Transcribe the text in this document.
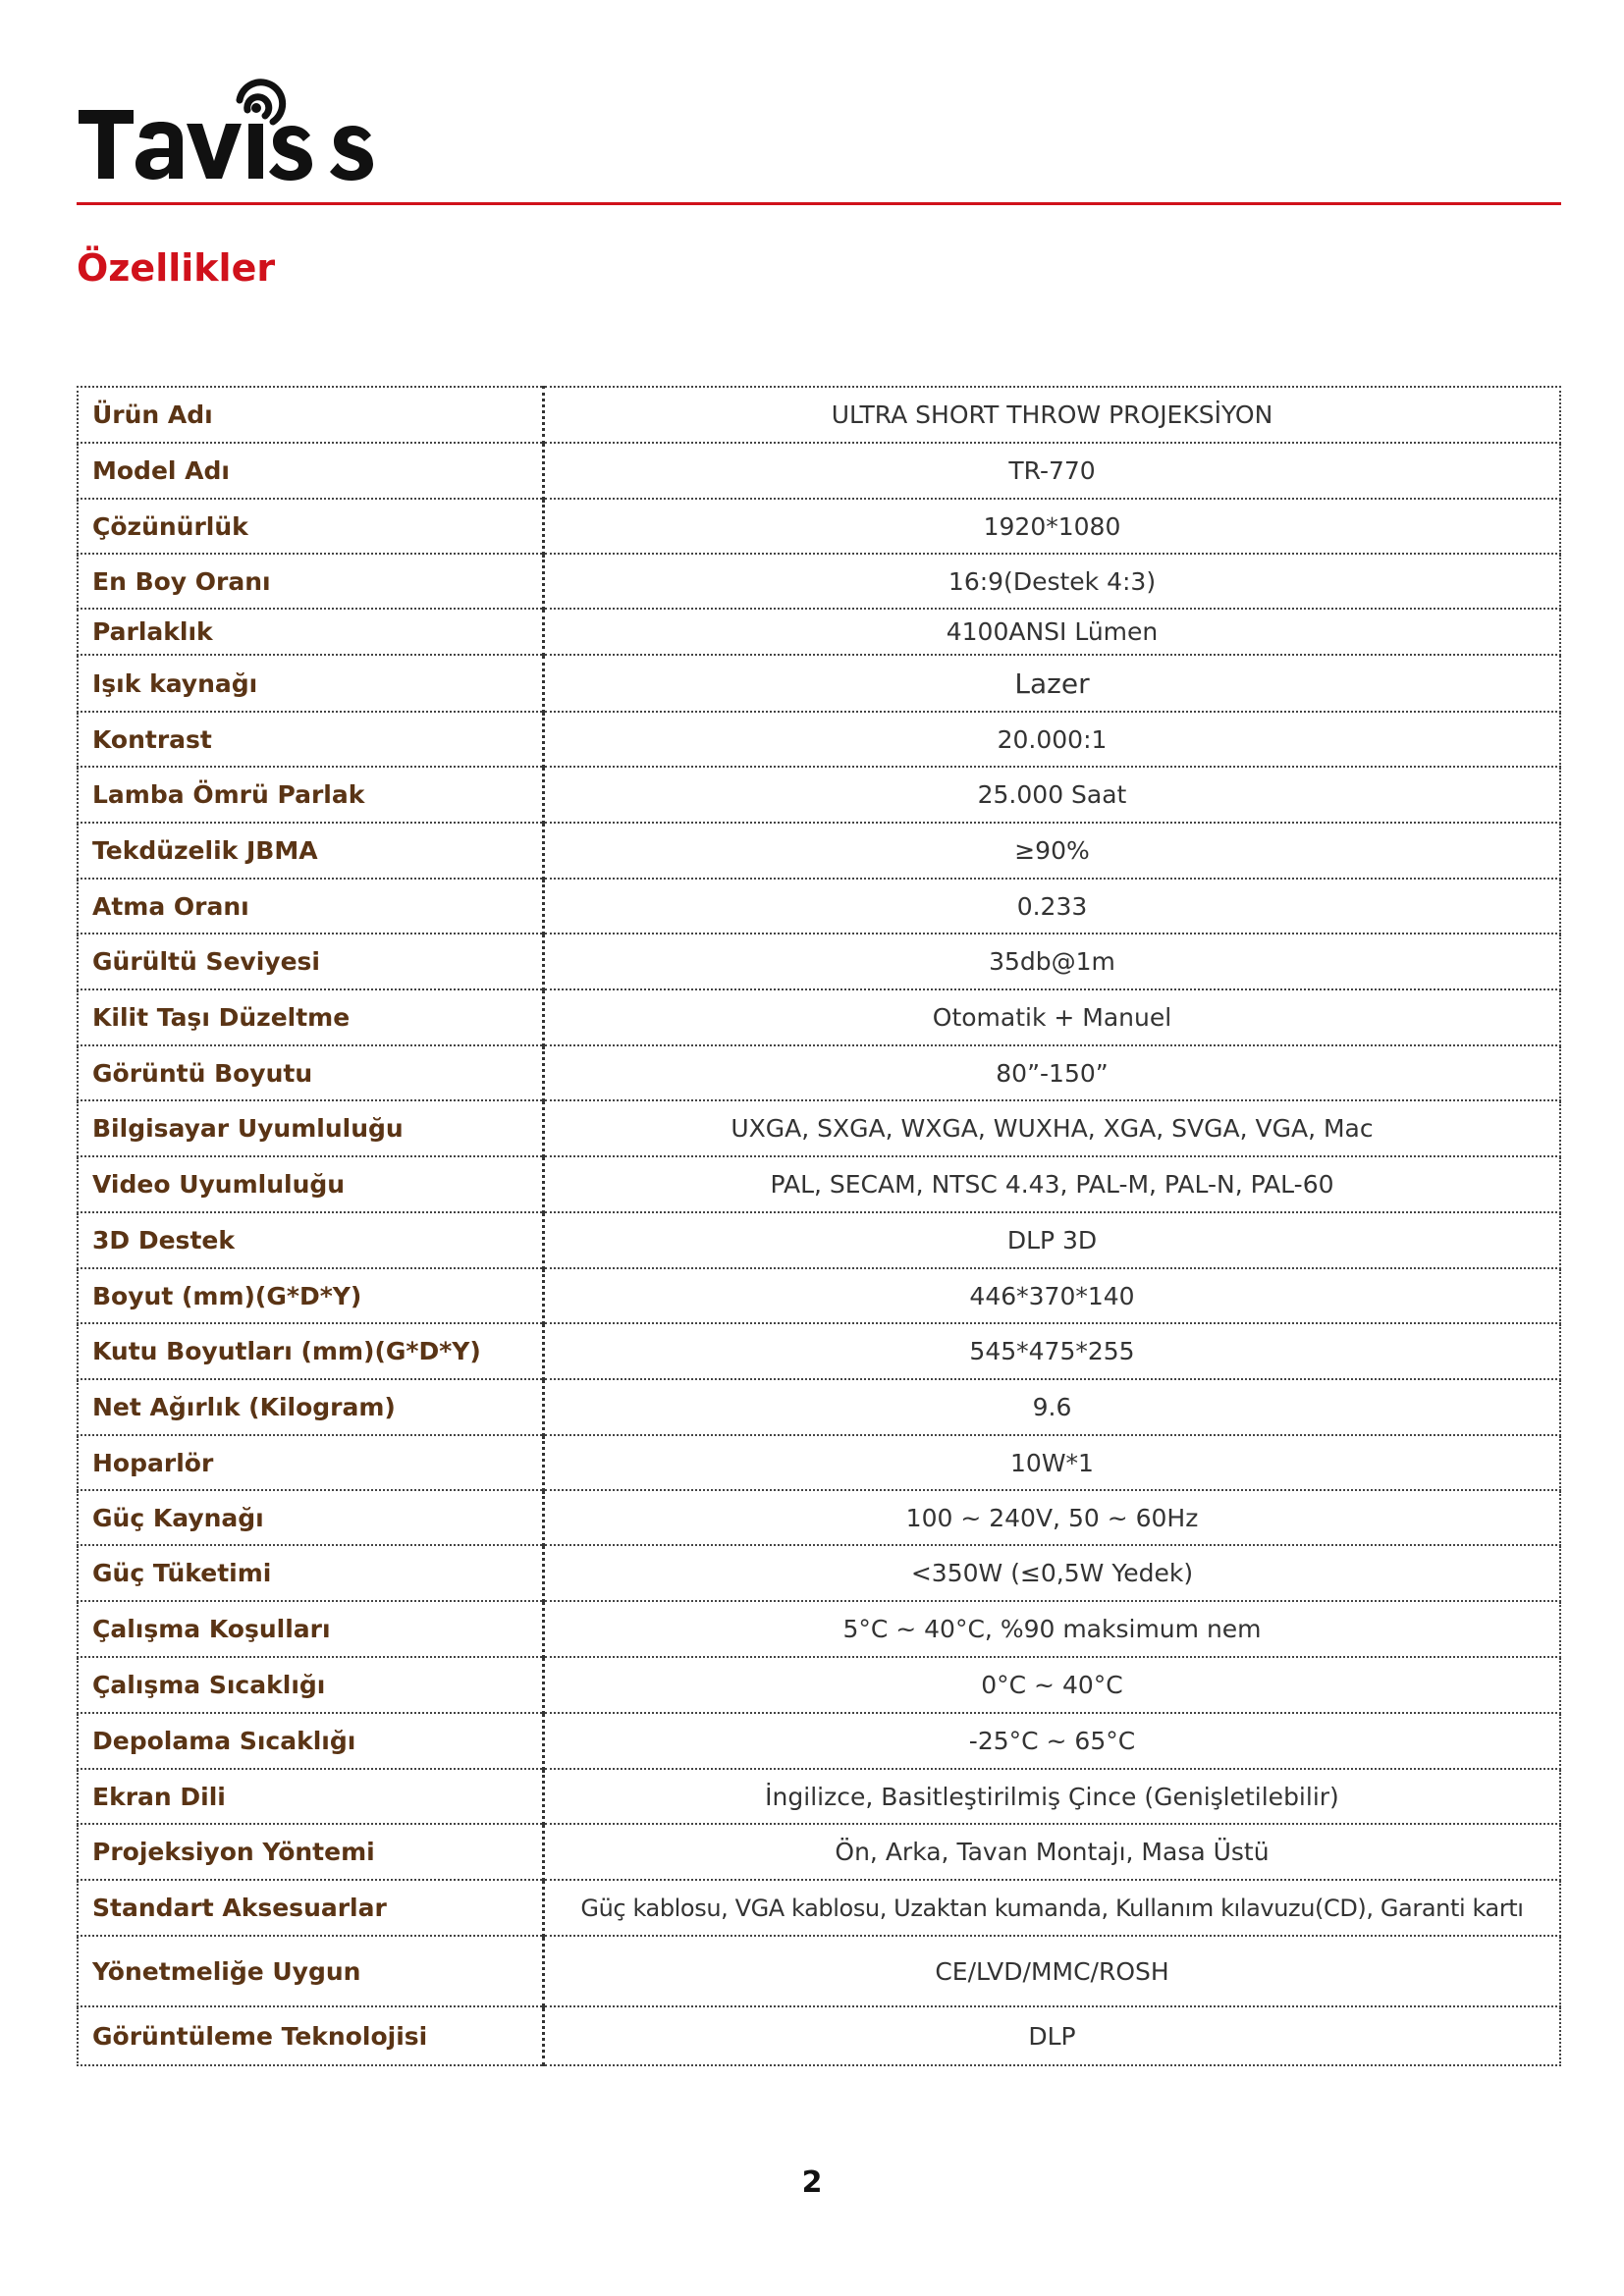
Özellikler
Ürün Adı	ULTRA SHORT THROW PROJEKSİYON
Model Adı	TR-770
Çözünürlük	1920*1080
En Boy Oranı	16:9(Destek 4:3)
Parlaklık	4100ANSI Lümen
Işık kaynağı	Lazer
Kontrast	20.000:1
Lamba Ömrü Parlak	25.000 Saat
Tekdüzelik JBMA	≥90%
Atma Oranı	0.233
Gürültü Seviyesi	35db@1m
Kilit Taşı Düzeltme	Otomatik + Manuel
Görüntü Boyutu	80”-150”
Bilgisayar Uyumluluğu	UXGA, SXGA, WXGA, WUXHA, XGA, SVGA, VGA, Mac
Video Uyumluluğu	PAL, SECAM, NTSC 4.43, PAL-M, PAL-N, PAL-60
3D Destek	DLP 3D
Boyut (mm)(G*D*Y)	446*370*140
Kutu Boyutları (mm)(G*D*Y)	545*475*255
Net Ağırlık (Kilogram)	9.6
Hoparlör	10W*1
Güç Kaynağı	100 ~ 240V, 50 ~ 60Hz
Güç Tüketimi	<350W (≤0,5W Yedek)
Çalışma Koşulları	5°C ~ 40°C, %90 maksimum nem
Çalışma Sıcaklığı	0°C ~ 40°C
Depolama Sıcaklığı	-25°C ~ 65°C
Ekran Dili	İngilizce, Basitleştirilmiş Çince (Genişletilebilir)
Projeksiyon Yöntemi	Ön, Arka, Tavan Montajı, Masa Üstü
Standart Aksesuarlar	Güç kablosu, VGA kablosu, Uzaktan kumanda, Kullanım kılavuzu(CD), Garanti kartı
Yönetmeliğe Uygun	CE/LVD/MMC/ROSH
Görüntüleme Teknolojisi	DLP
2
